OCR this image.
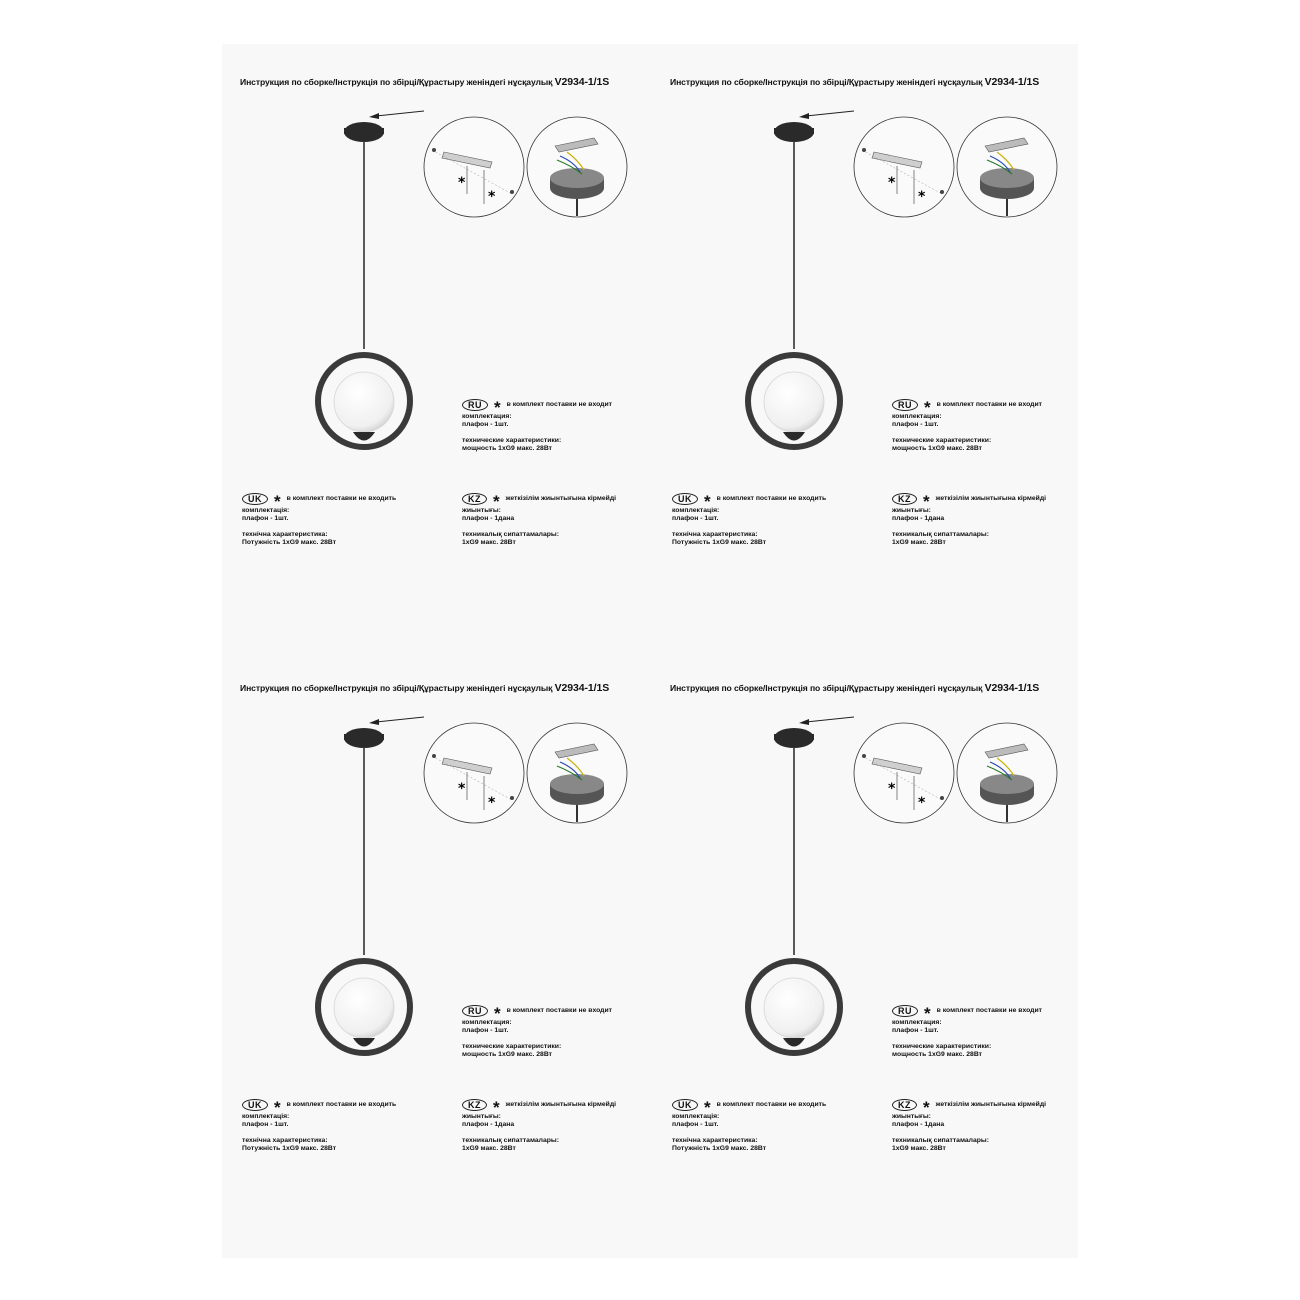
Инструкция по сборке/Інструкція по збірці/Құрастыру женіндегі нұсқаулық V2934-1/1S
*
*
RU * в комплект поставки не входит
комплектация:
плафон - 1шт.
технические характеристики:
мощность 1xG9 макс. 28Вт
UK * в комплект поставки не входить
комплектація:
плафон - 1шт.
технічна характеристика:
Потужність 1xG9 макс. 28Вт
KZ * жеткізілім жиынтығына кірмейді
жиынтығы:
плафон - 1дана
техникалық сипаттамалары:
1xG9 макс. 28Вт
Инструкция по сборке/Інструкція по збірці/Құрастыру женіндегі нұсқаулық V2934-1/1S
*
*
RU * в комплект поставки не входит
комплектация:
плафон - 1шт.
технические характеристики:
мощность 1xG9 макс. 28Вт
UK * в комплект поставки не входить
комплектація:
плафон - 1шт.
технічна характеристика:
Потужність 1xG9 макс. 28Вт
KZ * жеткізілім жиынтығына кірмейді
жиынтығы:
плафон - 1дана
техникалық сипаттамалары:
1xG9 макс. 28Вт
Инструкция по сборке/Інструкція по збірці/Құрастыру женіндегі нұсқаулық V2934-1/1S
*
*
RU * в комплект поставки не входит
комплектация:
плафон - 1шт.
технические характеристики:
мощность 1xG9 макс. 28Вт
UK * в комплект поставки не входить
комплектація:
плафон - 1шт.
технічна характеристика:
Потужність 1xG9 макс. 28Вт
KZ * жеткізілім жиынтығына кірмейді
жиынтығы:
плафон - 1дана
техникалық сипаттамалары:
1xG9 макс. 28Вт
Инструкция по сборке/Інструкція по збірці/Құрастыру женіндегі нұсқаулық V2934-1/1S
*
*
RU * в комплект поставки не входит
комплектация:
плафон - 1шт.
технические характеристики:
мощность 1xG9 макс. 28Вт
UK * в комплект поставки не входить
комплектація:
плафон - 1шт.
технічна характеристика:
Потужність 1xG9 макс. 28Вт
KZ * жеткізілім жиынтығына кірмейді
жиынтығы:
плафон - 1дана
техникалық сипаттамалары:
1xG9 макс. 28Вт
